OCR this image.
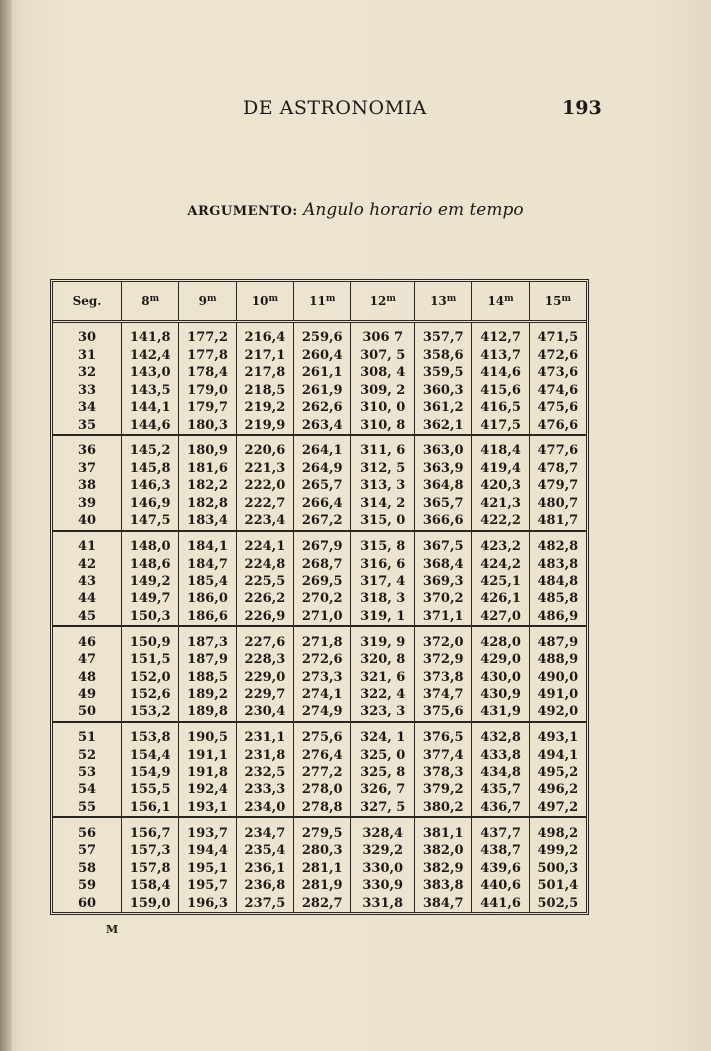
DE ASTRONOMIA	193
ARGUMENTO: Angulo horario em tempo
Seg.	8$^m$	9$^m$	10$^m$	11$^m$	12$^m$	13$^m$	14$^m$	15$^m$
30	141,8	177,2	216,4	259,6	306 7	357,7	412,7	471,5
31	142,4	177,8	217,1	260,4	307, 5	358,6	413,7	472,6
32	143,0	178,4	217,8	261,1	308, 4	359,5	414,6	473,6
33	143,5	179,0	218,5	261,9	309, 2	360,3	415,6	474,6
34	144,1	179,7	219,2	262,6	310, 0	361,2	416,5	475,6
35	144,6	180,3	219,9	263,4	310, 8	362,1	417,5	476,6
36	145,2	180,9	220,6	264,1	311, 6	363,0	418,4	477,6
37	145,8	181,6	221,3	264,9	312, 5	363,9	419,4	478,7
38	146,3	182,2	222,0	265,7	313, 3	364,8	420,3	479,7
39	146,9	182,8	222,7	266,4	314, 2	365,7	421,3	480,7
40	147,5	183,4	223,4	267,2	315, 0	366,6	422,2	481,7
41	148,0	184,1	224,1	267,9	315, 8	367,5	423,2	482,8
42	148,6	184,7	224,8	268,7	316, 6	368,4	424,2	483,8
43	149,2	185,4	225,5	269,5	317, 4	369,3	425,1	484,8
44	149,7	186,0	226,2	270,2	318, 3	370,2	426,1	485,8
45	150,3	186,6	226,9	271,0	319, 1	371,1	427,0	486,9
46	150,9	187,3	227,6	271,8	319, 9	372,0	428,0	487,9
47	151,5	187,9	228,3	272,6	320, 8	372,9	429,0	488,9
48	152,0	188,5	229,0	273,3	321, 6	373,8	430,0	490,0
49	152,6	189,2	229,7	274,1	322, 4	374,7	430,9	491,0
50	153,2	189,8	230,4	274,9	323, 3	375,6	431,9	492,0
51	153,8	190,5	231,1	275,6	324, 1	376,5	432,8	493,1
52	154,4	191,1	231,8	276,4	325, 0	377,4	433,8	494,1
53	154,9	191,8	232,5	277,2	325, 8	378,3	434,8	495,2
54	155,5	192,4	233,3	278,0	326, 7	379,2	435,7	496,2
55	156,1	193,1	234,0	278,8	327, 5	380,2	436,7	497,2
56	156,7	193,7	234,7	279,5	328,4	381,1	437,7	498,2
57	157,3	194,4	235,4	280,3	329,2	382,0	438,7	499,2
58	157,8	195,1	236,1	281,1	330,0	382,9	439,6	500,3
59	158,4	195,7	236,8	281,9	330,9	383,8	440,6	501,4
60	159,0	196,3	237,5	282,7	331,8	384,7	441,6	502,5
M
